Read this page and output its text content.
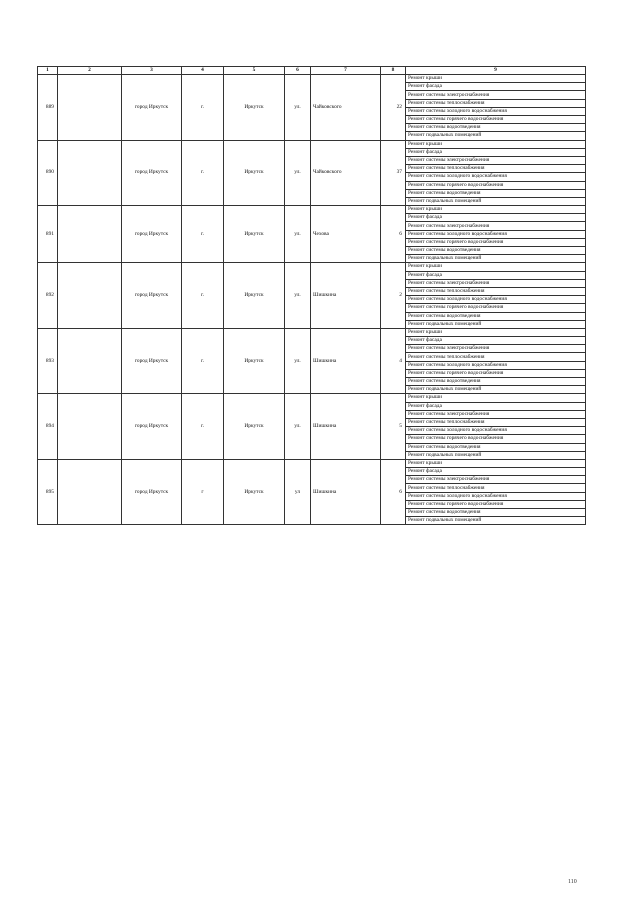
1	2	3	4	5	6	7	8	9
889		город Иркутск	г.	Иркутск	ул.	Чайковского	22	Ремонт крыши
								Ремонт фасада
								Ремонт системы электроснабжения
								Ремонт системы теплоснабжения
								Ремонт системы холодного водоснабжения
								Ремонт системы горячего водоснабжения
								Ремонт системы водоотведения
								Ремонт подвальных помещений
890		город Иркутск	г.	Иркутск	ул.	Чайковского	37	Ремонт крыши
								Ремонт фасада
								Ремонт системы электроснабжения
								Ремонт системы теплоснабжения
								Ремонт системы холодного водоснабжения
								Ремонт системы горячего водоснабжения
								Ремонт системы водоотведения
								Ремонт подвальных помещений
891		город Иркутск	г.	Иркутск	ул.	Чехова	6	Ремонт крыши
								Ремонт фасада
								Ремонт системы электроснабжения
								Ремонт системы холодного водоснабжения
								Ремонт системы горячего водоснабжения
								Ремонт системы водоотведения
								Ремонт подвальных помещений
892		город Иркутск	г.	Иркутск	ул.	Шишкина	2	Ремонт крыши
								Ремонт фасада
								Ремонт системы электроснабжения
								Ремонт системы теплоснабжения
								Ремонт системы холодного водоснабжения
								Ремонт системы горячего водоснабжения
								Ремонт системы водоотведения
								Ремонт подвальных помещений
893		город Иркутск	г.	Иркутск	ул.	Шишкина	4	Ремонт крыши
								Ремонт фасада
								Ремонт системы электроснабжения
								Ремонт системы теплоснабжения
								Ремонт системы холодного водоснабжения
								Ремонт системы горячего водоснабжения
								Ремонт системы водоотведения
								Ремонт подвальных помещений
894		город Иркутск	г.	Иркутск	ул.	Шишкина	5	Ремонт крыши
								Ремонт фасада
								Ремонт системы электроснабжения
								Ремонт системы теплоснабжения
								Ремонт системы холодного водоснабжения
								Ремонт системы горячего водоснабжения
								Ремонт системы водоотведения
								Ремонт подвальных помещений
895		город Иркутск	г	Иркутск	ул	Шишкина	6	Ремонт крыши
								Ремонт фасада
								Ремонт системы электроснабжения
								Ремонт системы теплоснабжения
								Ремонт системы холодного водоснабжения
								Ремонт системы горячего водоснабжения
								Ремонт системы водоотведения
								Ремонт подвальных помещений
110
